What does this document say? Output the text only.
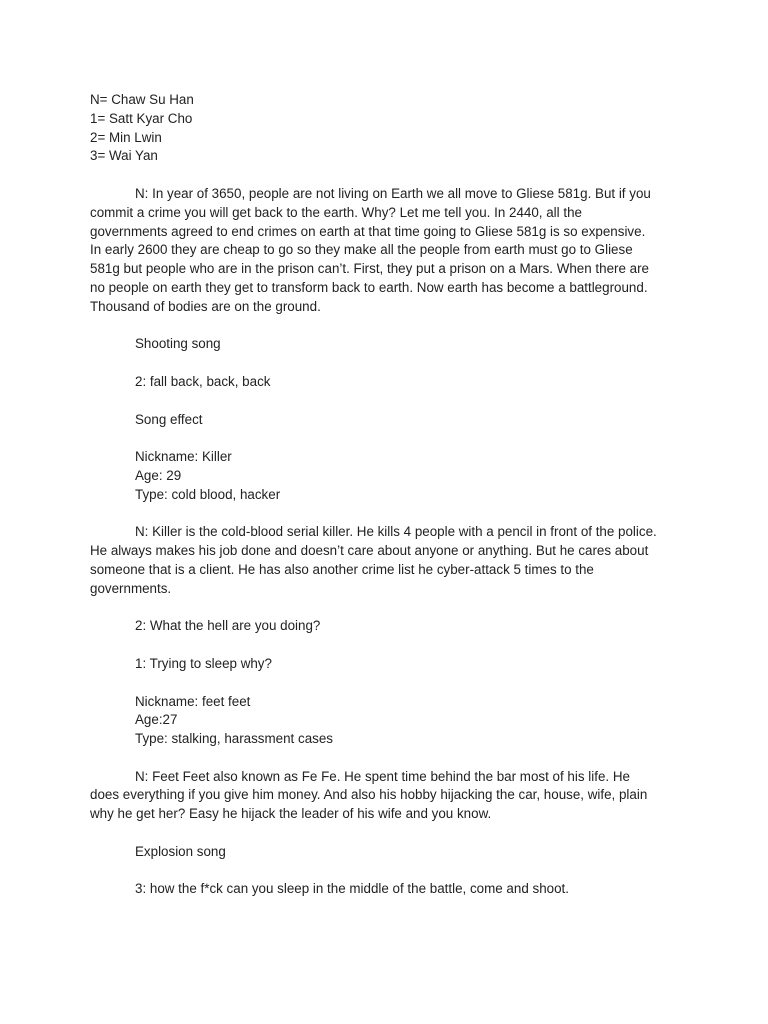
N= Chaw Su Han
1= Satt Kyar Cho
2= Min Lwin
3= Wai Yan
N: In year of 3650, people are not living on Earth we all move to Gliese 581g. But if you
commit a crime you will get back to the earth. Why? Let me tell you. In 2440, all the
governments agreed to end crimes on earth at that time going to Gliese 581g is so expensive.
In early 2600 they are cheap to go so they make all the people from earth must go to Gliese
581g but people who are in the prison can’t. First, they put a prison on a Mars. When there are
no people on earth they get to transform back to earth. Now earth has become a battleground.
Thousand of bodies are on the ground.
Shooting song
2: fall back, back, back
Song effect
Nickname: Killer
Age: 29
Type: cold blood, hacker
N: Killer is the cold-blood serial killer. He kills 4 people with a pencil in front of the police.
He always makes his job done and doesn’t care about anyone or anything. But he cares about
someone that is a client. He has also another crime list he cyber-attack 5 times to the
governments.
2: What the hell are you doing?
1: Trying to sleep why?
Nickname: feet feet
Age:27
Type: stalking, harassment cases
N: Feet Feet also known as Fe Fe. He spent time behind the bar most of his life. He
does everything if you give him money. And also his hobby hijacking the car, house, wife, plain
why he get her? Easy he hijack the leader of his wife and you know.
Explosion song
3: how the f*ck can you sleep in the middle of the battle, come and shoot.
